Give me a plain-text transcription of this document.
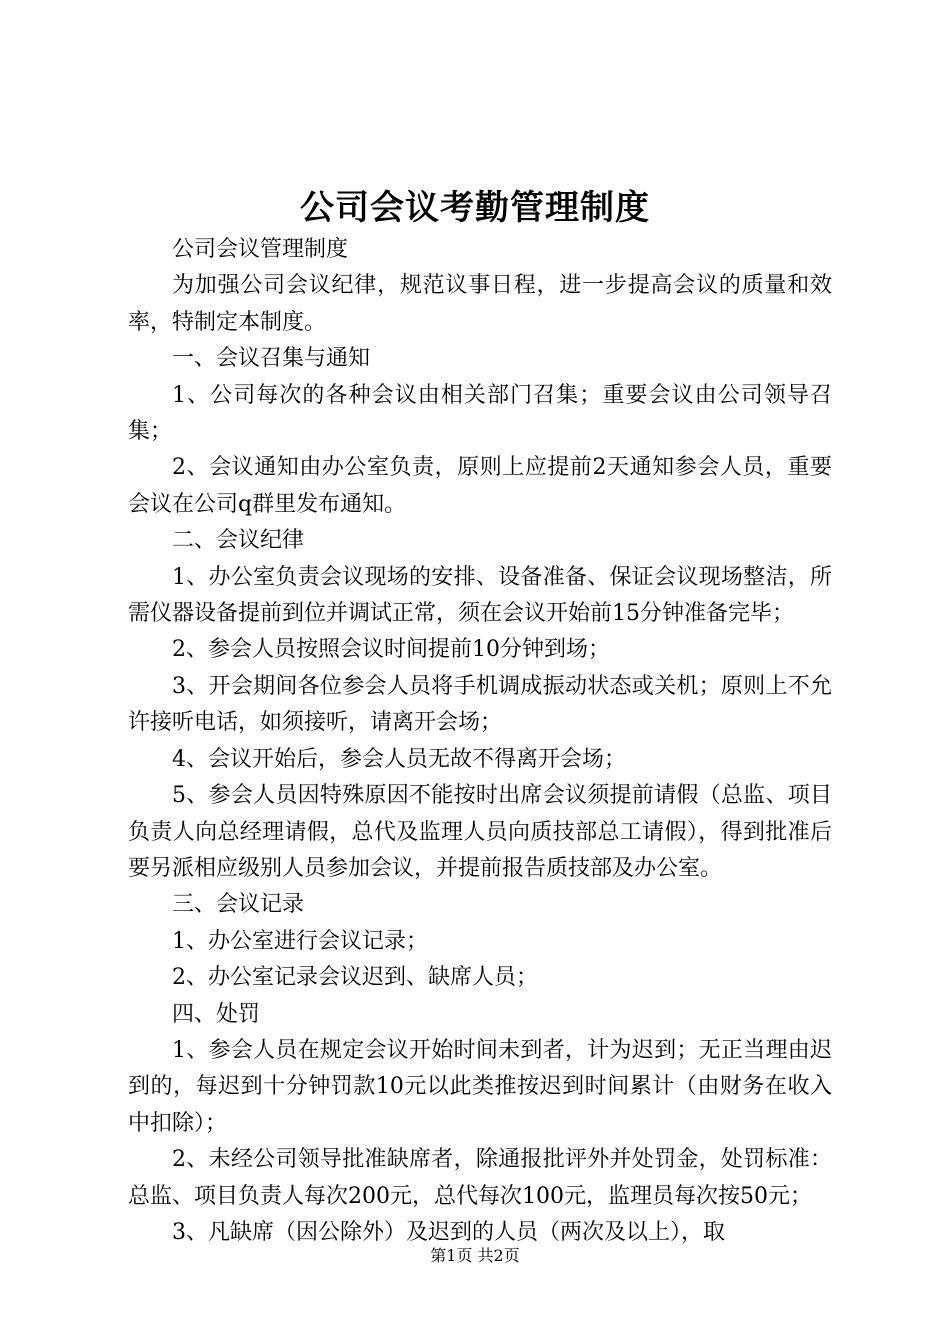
公司会议考勤管理制度

公司会议管理制度

为加强公司会议纪律，规范议事日程，进一步提高会议的质量和效率，特制定本制度。

一、会议召集与通知

1、公司每次的各种会议由相关部门召集；重要会议由公司领导召集；

2、会议通知由办公室负责，原则上应提前2天通知参会人员，重要会议在公司q群里发布通知。

二、会议纪律

1、办公室负责会议现场的安排、设备准备、保证会议现场整洁，所需仪器设备提前到位并调试正常，须在会议开始前15分钟准备完毕；

2、参会人员按照会议时间提前10分钟到场；

3、开会期间各位参会人员将手机调成振动状态或关机；原则上不允许接听电话，如须接听，请离开会场；

4、会议开始后，参会人员无故不得离开会场；

5、参会人员因特殊原因不能按时出席会议须提前请假（总监、项目负责人向总经理请假，总代及监理人员向质技部总工请假），得到批准后要另派相应级别人员参加会议，并提前报告质技部及办公室。

三、会议记录

1、办公室进行会议记录；

2、办公室记录会议迟到、缺席人员；

四、处罚

1、参会人员在规定会议开始时间未到者，计为迟到；无正当理由迟到的，每迟到十分钟罚款10元以此类推按迟到时间累计（由财务在收入中扣除）；

2、未经公司领导批准缺席者，除通报批评外并处罚金，处罚标准：总监、项目负责人每次200元，总代每次100元，监理员每次按50元；

3、凡缺席（因公除外）及迟到的人员（两次及以上），取

第1页 共2页
